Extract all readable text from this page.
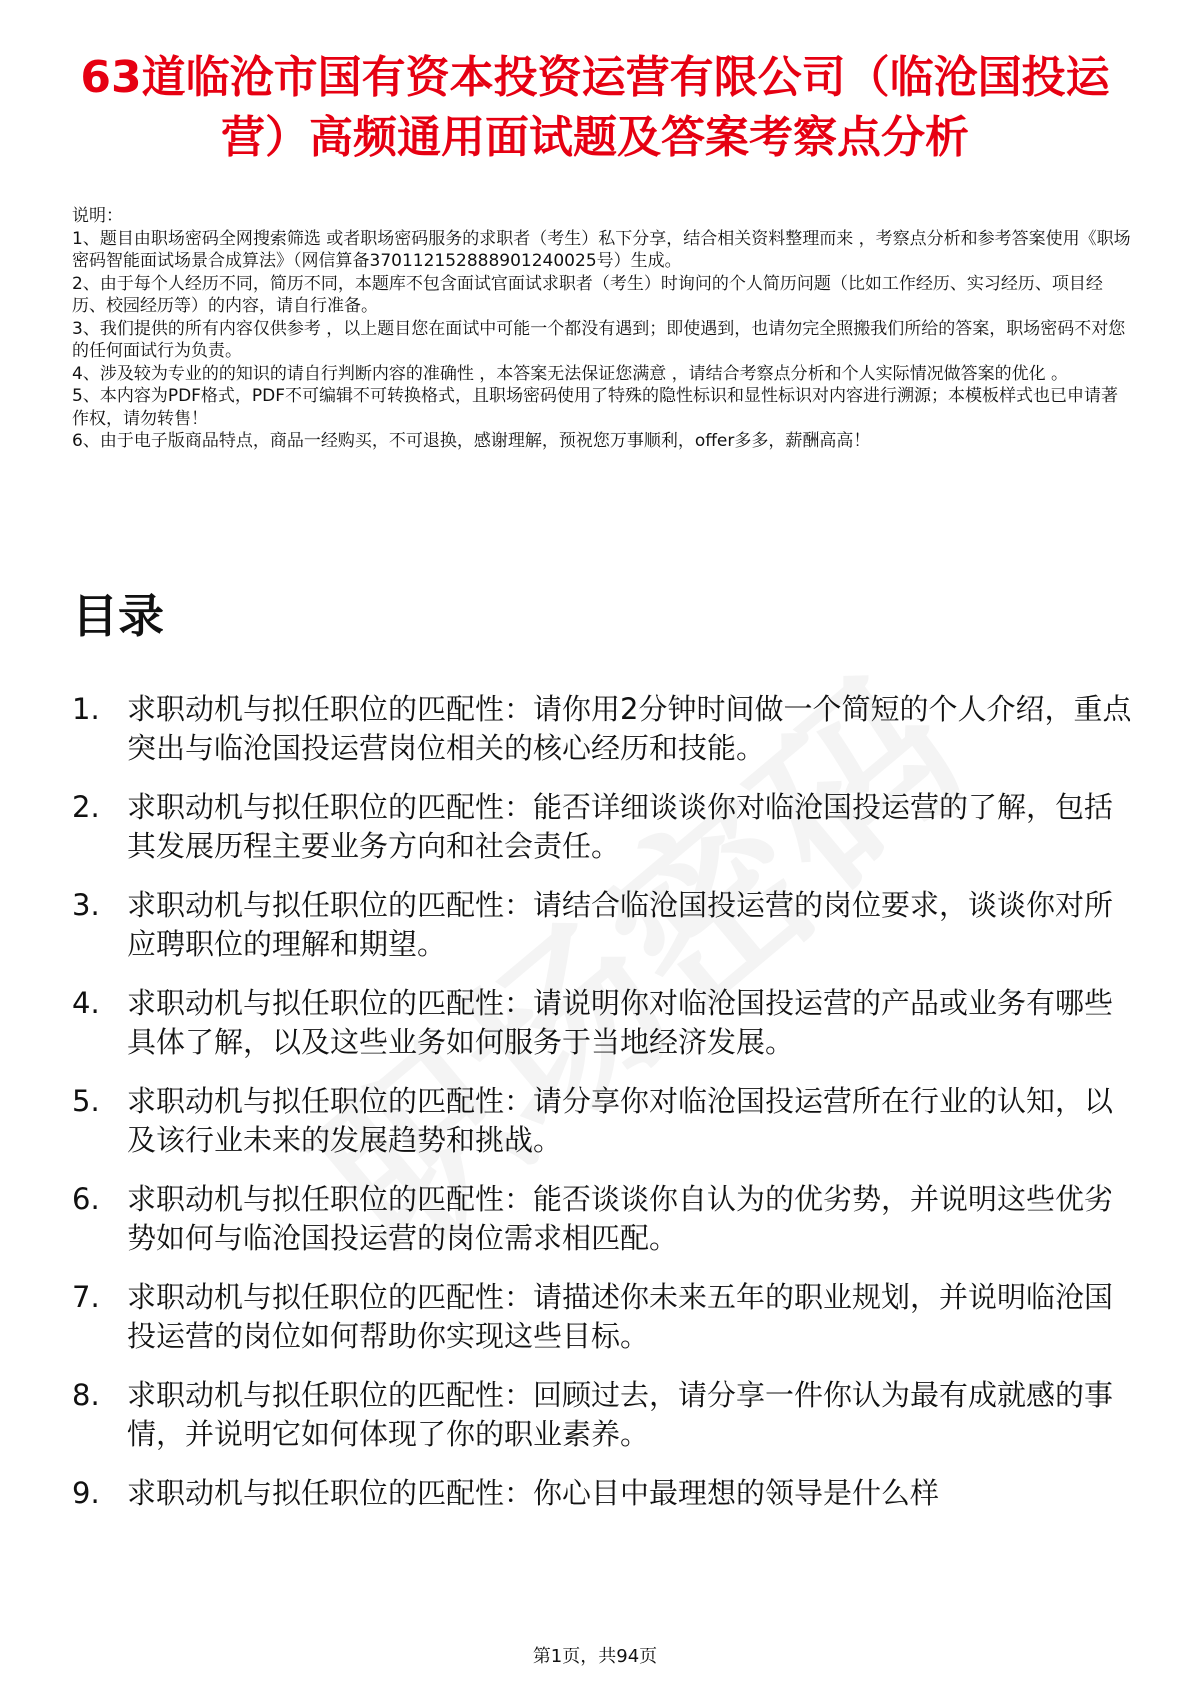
63道临沧市国有资本投资运营有限公司（临沧国投运营）高频通用面试题及答案考察点分析

说明：

1、题目由职场密码全网搜索筛选 或者职场密码服务的求职者（考生）私下分享，结合相关资料整理而来 ，考察点分析和参考答案使用《职场密码智能面试场景合成算法》（网信算备370112152888901240025号）生成。

2、由于每个人经历不同，简历不同，本题库不包含面试官面试求职者（考生）时询问的个人简历问题（比如工作经历、实习经历、项目经历、校园经历等）的内容，请自行准备。

3、我们提供的所有内容仅供参考 ，以上题目您在面试中可能一个都没有遇到；即使遇到，也请勿完全照搬我们所给的答案，职场密码不对您的任何面试行为负责。

4、涉及较为专业的的知识的请自行判断内容的准确性 ，本答案无法保证您满意 ，请结合考察点分析和个人实际情况做答案的优化 。

5、本内容为PDF格式，PDF不可编辑不可转换格式，且职场密码使用了特殊的隐性标识和显性标识对内容进行溯源；本模板样式也已申请著作权，请勿转售！

6、由于电子版商品特点，商品一经购买，不可退换，感谢理解，预祝您万事顺利，offer多多，薪酬高高！

目录
1. 求职动机与拟任职位的匹配性：请你用2分钟时间做一个简短的个人介绍，重点突出与临沧国投运营岗位相关的核心经历和技能。
2. 求职动机与拟任职位的匹配性：能否详细谈谈你对临沧国投运营的了解，包括其发展历程主要业务方向和社会责任。
3. 求职动机与拟任职位的匹配性：请结合临沧国投运营的岗位要求，谈谈你对所应聘职位的理解和期望。
4. 求职动机与拟任职位的匹配性：请说明你对临沧国投运营的产品或业务有哪些具体了解，以及这些业务如何服务于当地经济发展。
5. 求职动机与拟任职位的匹配性：请分享你对临沧国投运营所在行业的认知，以及该行业未来的发展趋势和挑战。
6. 求职动机与拟任职位的匹配性：能否谈谈你自认为的优劣势，并说明这些优劣势如何与临沧国投运营的岗位需求相匹配。
7. 求职动机与拟任职位的匹配性：请描述你未来五年的职业规划，并说明临沧国投运营的岗位如何帮助你实现这些目标。
8. 求职动机与拟任职位的匹配性：回顾过去，请分享一件你认为最有成就感的事情，并说明它如何体现了你的职业素养。
9. 求职动机与拟任职位的匹配性：你心目中最理想的领导是什么样
第1页，共94页
